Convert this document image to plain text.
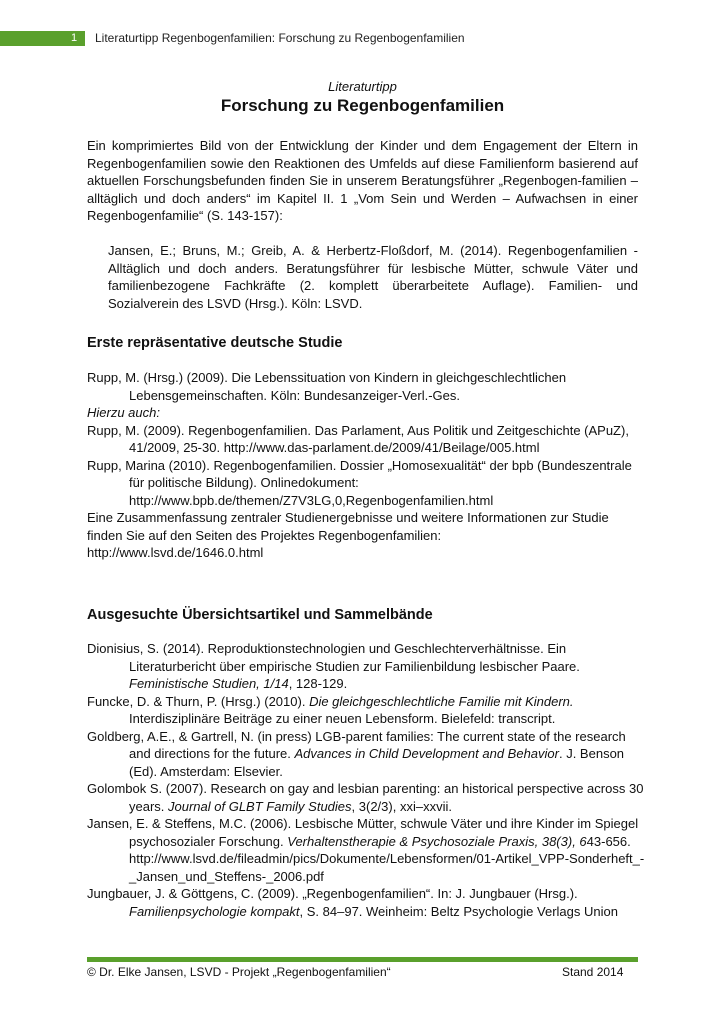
1	Literaturtipp Regenbogenfamilien: Forschung zu Regenbogenfamilien
Literaturtipp
Forschung zu Regenbogenfamilien

Ein komprimiertes Bild von der Entwicklung der Kinder und dem Engagement der Eltern in Regenbogenfamilien sowie den Reaktionen des Umfelds auf diese Familienform basierend auf aktuellen Forschungsbefunden finden Sie in unserem Beratungsführer „Regenbogen-familien – alltäglich und doch anders“ im Kapitel II. 1 „Vom Sein und Werden – Aufwachsen in einer Regenbogenfamilie“ (S. 143-157):

Jansen, E.; Bruns, M.; Greib, A. & Herbertz-Floßdorf, M. (2014). Regenbogenfamilien - Alltäglich und doch anders. Beratungsführer für lesbische Mütter, schwule Väter und familienbezogene Fachkräfte (2. komplett überarbeitete Auflage). Familien- und Sozialverein des LSVD (Hrsg.). Köln: LSVD.

Erste repräsentative deutsche Studie
Rupp, M. (Hrsg.) (2009). Die Lebenssituation von Kindern in gleichgeschlechtlichen Lebensgemeinschaften. Köln: Bundesanzeiger-Verl.-Ges.
Hierzu auch:
Rupp, M. (2009). Regenbogenfamilien. Das Parlament, Aus Politik und Zeitgeschichte (APuZ), 41/2009, 25-30. http://www.das-parlament.de/2009/41/Beilage/005.html
Rupp, Marina (2010). Regenbogenfamilien. Dossier „Homosexualität“ der bpb (Bundeszentrale für politische Bildung). Onlinedokument: http://www.bpb.de/themen/Z7V3LG,0,Regenbogenfamilien.html
Eine Zusammenfassung zentraler Studienergebnisse und weitere Informationen zur Studie finden Sie auf den Seiten des Projektes Regenbogenfamilien:
http://www.lsvd.de/1646.0.html
Ausgesuchte Übersichtsartikel und Sammelbände
Dionisius, S. (2014). Reproduktionstechnologien und Geschlechterverhältnisse. Ein Literaturbericht über empirische Studien zur Familienbildung lesbischer Paare. Feministische Studien, 1/14, 128-129.
Funcke, D. & Thurn, P. (Hrsg.) (2010). Die gleichgeschlechtliche Familie mit Kindern. Interdisziplinäre Beiträge zu einer neuen Lebensform. Bielefeld: transcript.
Goldberg, A.E., & Gartrell, N. (in press) LGB-parent families: The current state of the research and directions for the future. Advances in Child Development and Behavior. J. Benson (Ed). Amsterdam: Elsevier.
Golombok S. (2007). Research on gay and lesbian parenting: an historical perspective across 30 years. Journal of GLBT Family Studies, 3(2/3), xxi–xxvii.
Jansen, E. & Steffens, M.C. (2006). Lesbische Mütter, schwule Väter und ihre Kinder im Spiegel psychosozialer Forschung. Verhaltenstherapie & Psychosoziale Praxis, 38(3), 643-656. http://www.lsvd.de/fileadmin/pics/Dokumente/Lebensformen/01-Artikel_VPP-Sonderheft_-_Jansen_und_Steffens-_2006.pdf
Jungbauer, J. & Göttgens, C. (2009). „Regenbogenfamilien“. In: J. Jungbauer (Hrsg.). Familienpsychologie kompakt, S. 84–97. Weinheim: Beltz Psychologie Verlags Union
© Dr. Elke Jansen, LSVD - Projekt „Regenbogenfamilien“	Stand 2014
